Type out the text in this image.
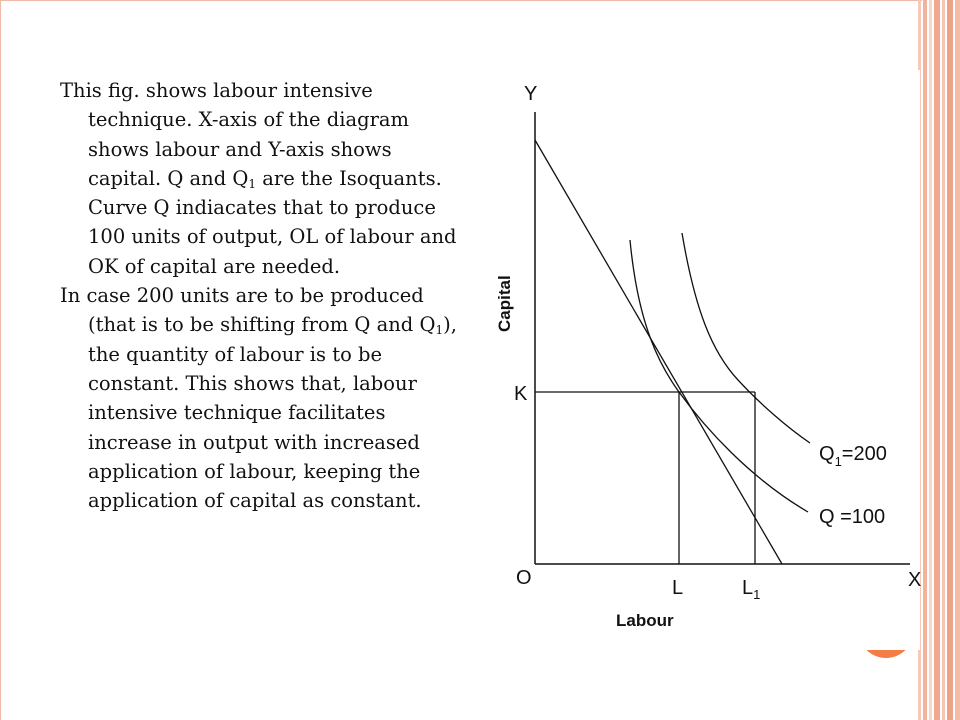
This fig. shows labour intensive technique. X-axis of the diagram shows labour and Y-axis shows capital. Q and $Q_1$ are the Isoquants. Curve Q indiacates that to produce 100 units of output, OL of labour and OK of capital are needed.

In case 200 units are to be produced (that is to be shifting from Q and $Q_1$), the quantity of labour is to be constant. This shows that, labour intensive technique facilitates increase in output with increased application of labour, keeping the application of capital as constant.

Y
X
O
K
L	$L_1$
$Q_1=200$
Q =100
Capital
Labour
